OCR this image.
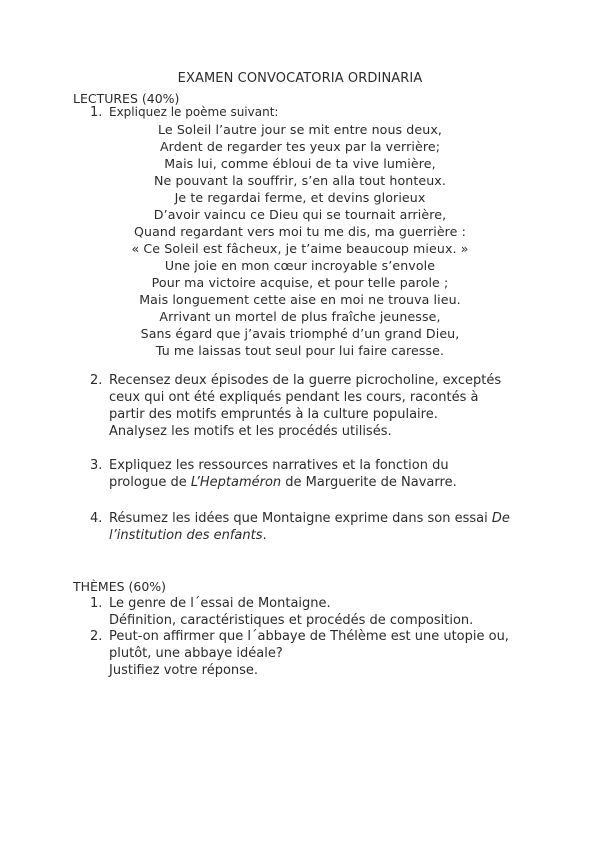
EXAMEN CONVOCATORIA ORDINARIA
LECTURES (40%)
1. Expliquez le poème suivant:
Le Soleil l’autre jour se mit entre nous deux,
Ardent de regarder tes yeux par la verrière;
Mais lui, comme ébloui de ta vive lumière,
Ne pouvant la souffrir, s’en alla tout honteux.
Je te regardai ferme, et devins glorieux
D’avoir vaincu ce Dieu qui se tournait arrière,
Quand regardant vers moi tu me dis, ma guerrière :
« Ce Soleil est fâcheux, je t’aime beaucoup mieux. »
Une joie en mon cœur incroyable s’envole
Pour ma victoire acquise, et pour telle parole ;
Mais longuement cette aise en moi ne trouva lieu.
Arrivant un mortel de plus fraîche jeunesse,
Sans égard que j’avais triomphé d’un grand Dieu,
Tu me laissas tout seul pour lui faire caresse.
2. Recensez deux épisodes de la guerre picrocholine, exceptés
ceux qui ont été expliqués pendant les cours, racontés à
partir des motifs empruntés à la culture populaire.
Analysez les motifs et les procédés utilisés.
3. Expliquez les ressources narratives et la fonction du
prologue de L’Heptaméron de Marguerite de Navarre.
4. Résumez les idées que Montaigne exprime dans son essai De
l’institution des enfants.
THÈMES (60%)
1. Le genre de l´essai de Montaigne.
Définition, caractéristiques et procédés de composition.
2. Peut-on affirmer que l´abbaye de Thélème est une utopie ou,
plutôt, une abbaye idéale?
Justifiez votre réponse.
